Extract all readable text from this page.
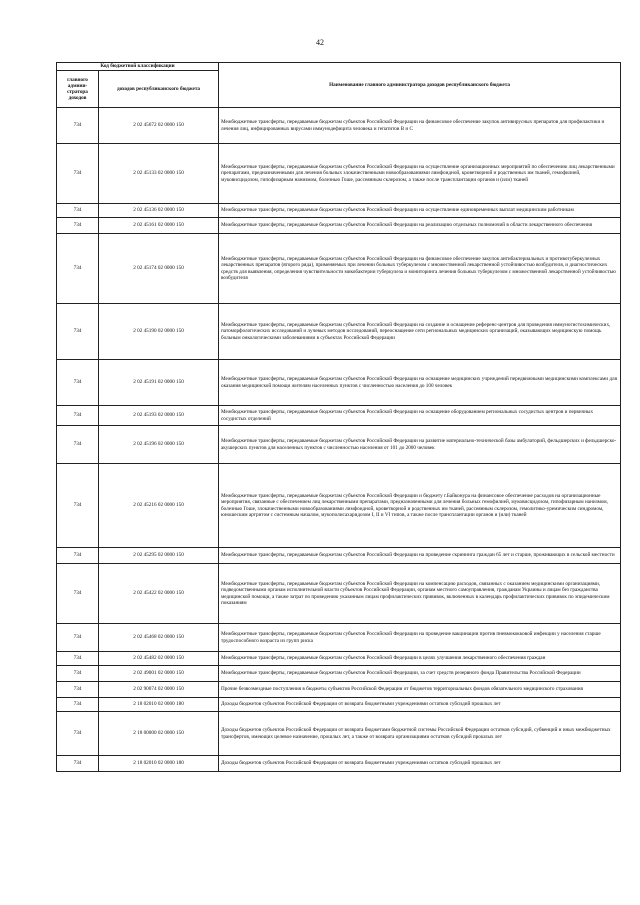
42
Код бюджетной классификации		Наименование главного администратора доходов республиканского бюджета
главного админи-стратора доходов	доходов республиканского бюджета	
734	2 02 45672 02 0000 150	Межбюджетные трансферты, передаваемые бюджетам субъектов Российской Федерации на финансовое обеспечение закупок антивирусных препаратов для профилактики и лечения лиц, инфицированных вирусами иммунодефицита человека и гепатитов В и С
734	2 02 45133 02 0000 150	Межбюджетные трансферты, передаваемые бюджетам субъектов Российской Федерации на осуществление организационных мероприятий по обеспечению лиц лекарственными препаратами, предназначенными для лечения больных злокачественными новообразованиями лимфоидной, кроветворной и родственных им тканей, гемофилией, муковисцидозом, гипофизарным нанизмом, болезнью Гоше, рассеянным склерозом, а также после трансплантации органов и (или) тканей
734	2 02 45136 02 0000 150	Межбюджетные трансферты, передаваемые бюджетам субъектов Российской Федерации на осуществление единовременных выплат медицинским работникам
734	2 02 45161 02 0000 150	Межбюджетные трансферты, передаваемые бюджетам субъектов Российской Федерации на реализацию отдельных полномочий в области лекарственного обеспечения
734	2 02 45174 02 0000 150	Межбюджетные трансферты, передаваемые бюджетам субъектов Российской Федерации на финансовое обеспечение закупок антибактериальных и противотуберкулезных лекарственных препаратов (второго ряда), применяемых при лечении больных туберкулезом с множественной лекарственной устойчивостью возбудителя, и диагностических средств для выявления, определения чувствительности микобактерии туберкулеза и мониторинга лечения больных туберкулезом с множественной лекарственной устойчивостью возбудителя
734	2 02 45190 02 0000 150	Межбюджетные трансферты, передаваемые бюджетам субъектов Российской Федерации на создание и оснащение референс-центров для проведения иммуногистохимических, патоморфологических исследований и лучевых методов исследований, переоснащение сети региональных медицинских организаций, оказывающих медицинскую помощь больным онкологическими заболеваниями в субъектах Российской Федерации
734	2 02 45191 02 0000 150	Межбюджетные трансферты, передаваемые бюджетам субъектов Российской Федерации на оснащение медицинских учреждений передвижными медицинскими комплексами для оказания медицинской помощи жителям населенных пунктов с численностью населения до 100 человек
734	2 02 45193 02 0000 150	Межбюджетные трансферты, передаваемые бюджетам субъектов Российской Федерации на оснащение оборудованием региональных сосудистых центров и первичных сосудистых отделений
734	2 02 45196 02 0000 150	Межбюджетные трансферты, передаваемые бюджетам субъектов Российской Федерации на развитие материально-технической базы амбулаторий, фельдшерских и фельдшерско-акушерских пунктов для населенных пунктов с численностью населения от 101 до 2000 человек
734	2 02 45216 02 0000 150	Межбюджетные трансферты, передаваемые бюджетам субъектов Российской Федерации и бюджету г.Байконура на финансовое обеспечение расходов на организационные мероприятия, связанные с обеспечением лиц лекарственными препаратами, предназначенными для лечения больных гемофилией, муковисцидозом, гипофизарным нанизмом, болезнью Гоше, злокачественными новообразованиями лимфоидной, кроветворной и родственных им тканей, рассеянным склерозом, гемолитико-уремическим синдромом, юношеским артритом с системным началом, мукополисахаридозом I, II и VI типов, а также после трансплантации органов и (или) тканей
734	2 02 45295 02 0000 150	Межбюджетные трансферты, передаваемые бюджетам субъектов Российской Федерации на проведение скрининга граждан 65 лет и старше, проживающих в сельской местности
734	2 02 45422 02 0000 150	Межбюджетные трансферты, передаваемые бюджетам субъектов Российской Федерации на компенсацию расходов, связанных с оказанием медицинскими организациями, подведомственными органам исполнительной власти субъектов Российской Федерации, органам местного самоуправления, гражданам Украины и лицам без гражданства медицинской помощи, а также затрат по проведению указанным лицам профилактических прививок, включенных в календарь профилактических прививок по эпидемическим показаниям
734	2 02 45468 02 0000 150	Межбюджетные трансферты, передаваемые бюджетам субъектов Российской Федерации на проведение вакцинации против пневмококковой инфекции у населения старше трудоспособного возраста из групп риска
734	2 02 45482 02 0000 150	Межбюджетные трансферты, передаваемые бюджетам субъектов Российской Федерации в целях улучшения лекарственного обеспечения граждан
734	2 02 49001 02 0000 150	Межбюджетные трансферты, передаваемые бюджетам субъектов Российской Федерации, за счет средств резервного фонда Правительства Российской Федерации
734	2 02 90074 02 0000 150	Прочие безвозмездные поступления в бюджеты субъектов Российской Федерации от бюджетов территориальных фондов обязательного медицинского страхования
734	2 18 02010 02 0000 180	Доходы бюджетов субъектов Российской Федерации от возврата бюджетными учреждениями остатков субсидий прошлых лет
734	2 18 00000 02 0000 150	Доходы бюджетов субъектов Российской Федерации от возврата бюджетами бюджетной системы Российской Федерации остатков субсидий, субвенций и иных межбюджетных трансфертов, имеющих целевое назначение, прошлых лет, а также от возврата организациями остатков субсидий прошлых лет
734	2 18 02010 02 0000 180	Доходы бюджетов субъектов Российской Федерации от возврата бюджетными учреждениями остатков субсидий прошлых лет
